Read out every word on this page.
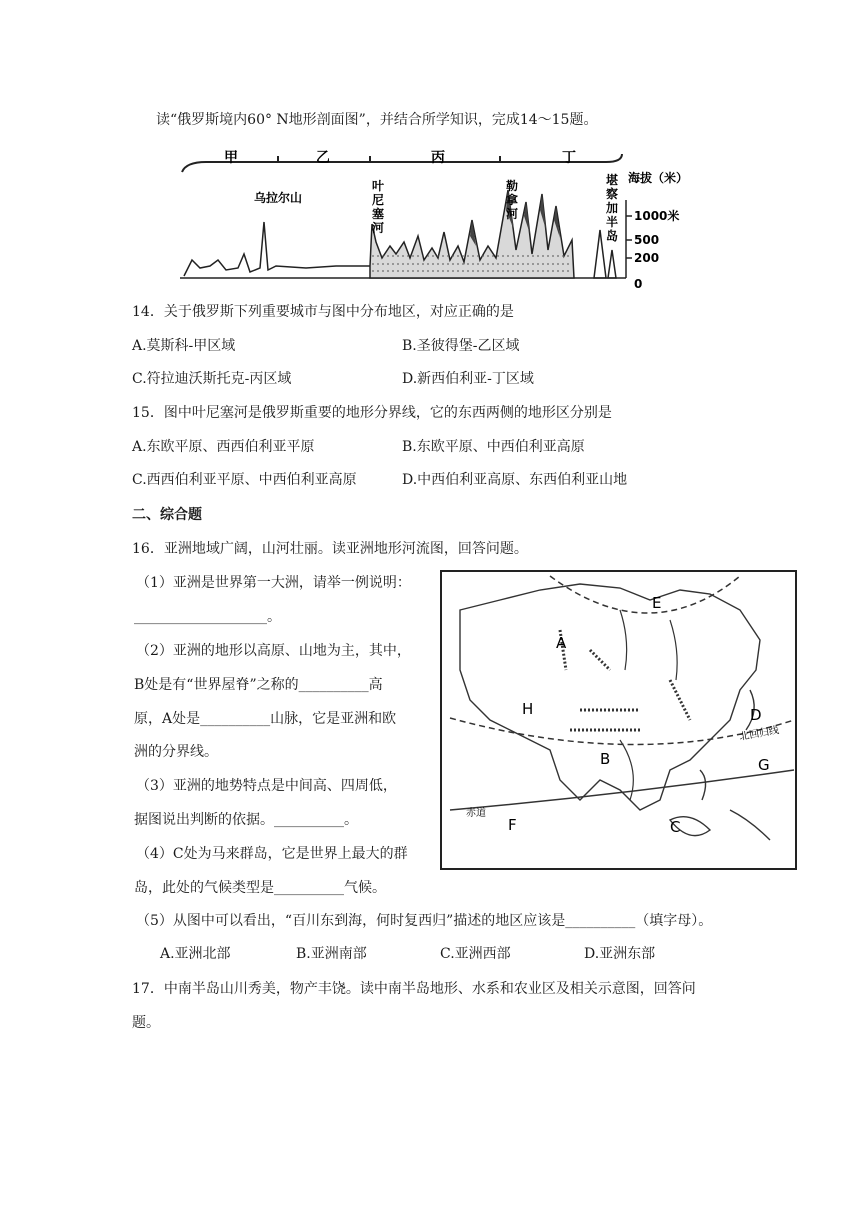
读“俄罗斯境内60° N地形剖面图”，并结合所学知识，完成14～15题。
甲	乙	丙	丁
海拔（米）
1000米
500
200
0
乌拉尔山
叶
尼
塞
河
勒
拿
河
堪
察
加
半
岛
14．关于俄罗斯下列重要城市与图中分布地区，对应正确的是
A.莫斯科-甲区域	B.圣彼得堡-乙区域
C.符拉迪沃斯托克-丙区域	D.新西伯利亚-丁区域
15．图中叶尼塞河是俄罗斯重要的地形分界线，它的东西两侧的地形区分别是
A.东欧平原、西西伯利亚平原	B.东欧平原、中西伯利亚高原
C.西西伯利亚平原、中西伯利亚高原	D.中西伯利亚高原、东西伯利亚山地
二、综合题
16．亚洲地域广阔，山河壮丽。读亚洲地形河流图，回答问题。
（1）亚洲是世界第一大洲，请举一例说明：
___________________。
（2）亚洲的地形以高原、山地为主，其中，
B处是有“世界屋脊”之称的__________高
原，A处是__________山脉，它是亚洲和欧
洲的分界线。
（3）亚洲的地势特点是中间高、四周低，
据图说出判断的依据。__________。
（4）C处为马来群岛，它是世界上最大的群
岛，此处的气候类型是__________气候。
（5）从图中可以看出，“百川东到海，何时复西归”描述的地区应该是__________（填字母）。
A.亚洲北部	B.亚洲南部	C.亚洲西部	D.亚洲东部
A
B
C
D
E
F
G
H
北回归线
赤道
17．中南半岛山川秀美，物产丰饶。读中南半岛地形、水系和农业区及相关示意图，回答问
题。
